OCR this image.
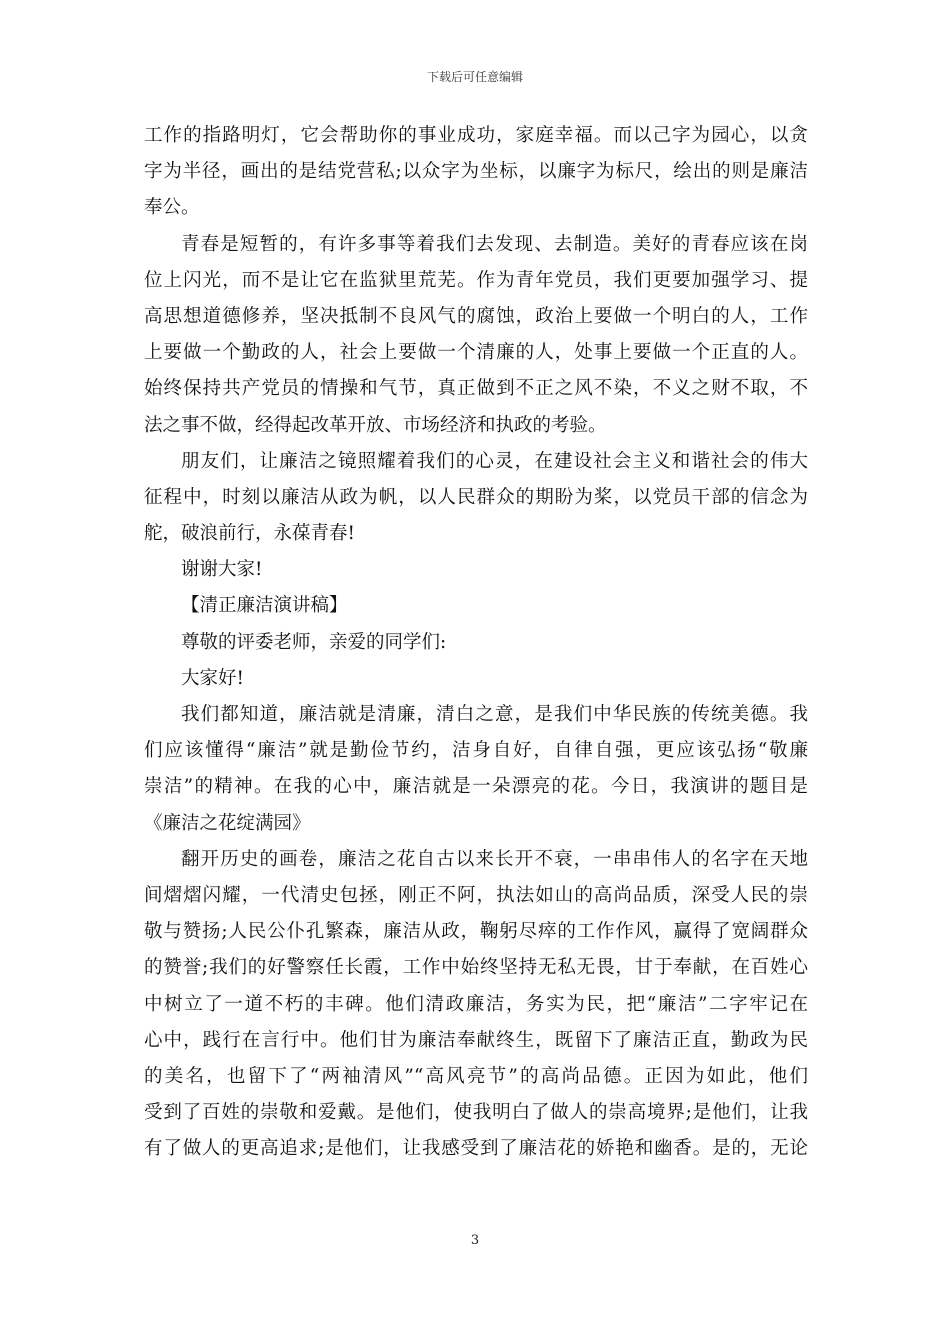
下载后可任意编辑
工作的指路明灯，它会帮助你的事业成功，家庭幸福。而以己字为园心，以贪
字为半径，画出的是结党营私;以众字为坐标，以廉字为标尺，绘出的则是廉洁
奉公。
青春是短暂的，有许多事等着我们去发现、去制造。美好的青春应该在岗
位上闪光，而不是让它在监狱里荒芜。作为青年党员，我们更要加强学习、提
高思想道德修养，坚决抵制不良风气的腐蚀，政治上要做一个明白的人，工作
上要做一个勤政的人，社会上要做一个清廉的人，处事上要做一个正直的人。
始终保持共产党员的情操和气节，真正做到不正之风不染，不义之财不取，不
法之事不做，经得起改革开放、市场经济和执政的考验。
朋友们，让廉洁之镜照耀着我们的心灵，在建设社会主义和谐社会的伟大
征程中，时刻以廉洁从政为帆，以人民群众的期盼为桨，以党员干部的信念为
舵，破浪前行，永葆青春!
谢谢大家!
【清正廉洁演讲稿】
尊敬的评委老师，亲爱的同学们:
大家好!
我们都知道，廉洁就是清廉，清白之意，是我们中华民族的传统美德。我
们应该懂得“廉洁”就是勤俭节约，洁身自好，自律自强，更应该弘扬“敬廉
崇洁”的精神。在我的心中，廉洁就是一朵漂亮的花。今日，我演讲的题目是
《廉洁之花绽满园》
翻开历史的画卷，廉洁之花自古以来长开不衰，一串串伟人的名字在天地
间熠熠闪耀，一代清史包拯，刚正不阿，执法如山的高尚品质，深受人民的崇
敬与赞扬;人民公仆孔繁森，廉洁从政，鞠躬尽瘁的工作作风，赢得了宽阔群众
的赞誉;我们的好警察任长霞，工作中始终坚持无私无畏，甘于奉献，在百姓心
中树立了一道不朽的丰碑。他们清政廉洁，务实为民，把“廉洁”二字牢记在
心中，践行在言行中。他们甘为廉洁奉献终生，既留下了廉洁正直，勤政为民
的美名，也留下了“两袖清风”“高风亮节”的高尚品德。正因为如此，他们
受到了百姓的崇敬和爱戴。是他们，使我明白了做人的崇高境界;是他们，让我
有了做人的更高追求;是他们，让我感受到了廉洁花的娇艳和幽香。是的，无论
3
